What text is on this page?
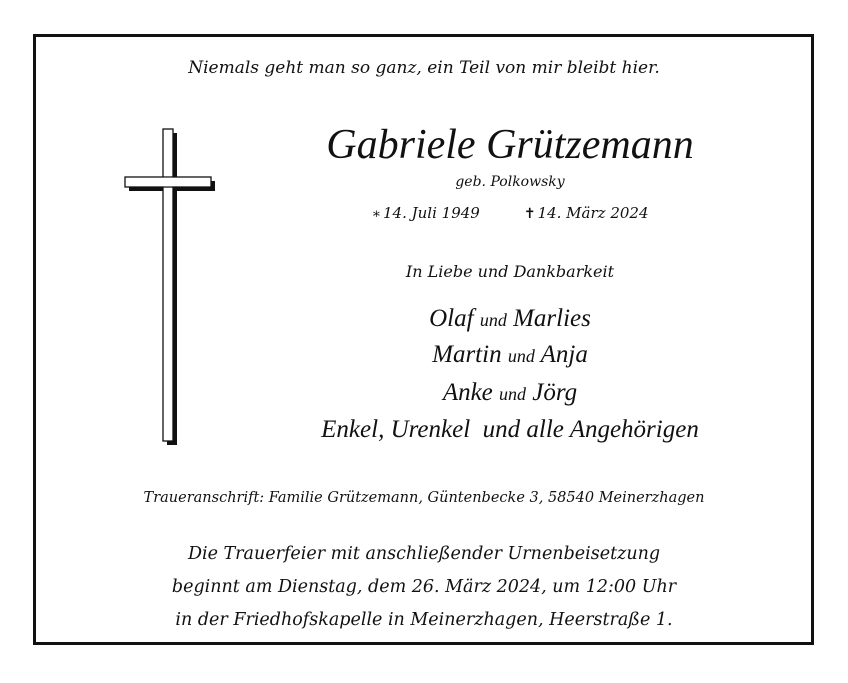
Niemals geht man so ganz, ein Teil von mir bleibt hier.
Gabriele Grützemann
geb. Polkowsky
∗ 14. Juli 1949	✝ 14. März 2024
In Liebe und Dankbarkeit
Olaf und Marlies
Martin und Anja
Anke und Jörg
Enkel, Urenkel  und alle Angehörigen
Traueranschrift: Familie Grützemann, Güntenbecke 3, 58540 Meinerzhagen
Die Trauerfeier mit anschließender Urnenbeisetzung
beginnt am Dienstag, dem 26. März 2024, um 12:00 Uhr
in der Friedhofskapelle in Meinerzhagen, Heerstraße 1.
